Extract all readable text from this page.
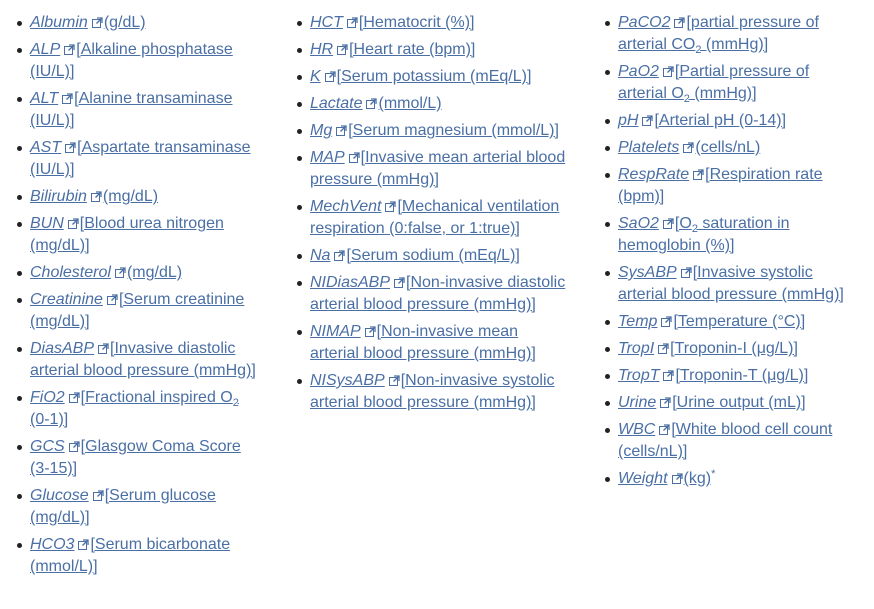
Albumin (g/dL)
ALP [Alkaline phosphatase (IU/L)]
ALT [Alanine transaminase (IU/L)]
AST [Aspartate transaminase (IU/L)]
Bilirubin (mg/dL)
BUN [Blood urea nitrogen (mg/dL)]
Cholesterol (mg/dL)
Creatinine [Serum creatinine (mg/dL)]
DiasABP [Invasive diastolic arterial blood pressure (mmHg)]
FiO2 [Fractional inspired $O_2$ (0-1)]
GCS [Glasgow Coma Score (3-15)]
Glucose [Serum glucose (mg/dL)]
HCO3 [Serum bicarbonate (mmol/L)]
HCT [Hematocrit (%)]
HR [Heart rate (bpm)]
K [Serum potassium (mEq/L)]
Lactate (mmol/L)
Mg [Serum magnesium (mmol/L)]
MAP [Invasive mean arterial blood pressure (mmHg)]
MechVent [Mechanical ventilation respiration (0:false, or 1:true)]
Na [Serum sodium (mEq/L)]
NIDiasABP [Non-invasive diastolic arterial blood pressure (mmHg)]
NIMAP [Non-invasive mean arterial blood pressure (mmHg)]
NISysABP [Non-invasive systolic arterial blood pressure (mmHg)]
PaCO2 [partial pressure of arterial $CO_2$ (mmHg)]
PaO2 [Partial pressure of arterial $O_2$ (mmHg)]
pH [Arterial pH (0-14)]
Platelets (cells/nL)
RespRate [Respiration rate (bpm)]
SaO2 [$O_2$ saturation in hemoglobin (%)]
SysABP [Invasive systolic arterial blood pressure (mmHg)]
Temp [Temperature (°C)]
TropI [Troponin-I (μg/L)]
TropT [Troponin-T (μg/L)]
Urine [Urine output (mL)]
WBC [White blood cell count (cells/nL)]
Weight (kg)*
